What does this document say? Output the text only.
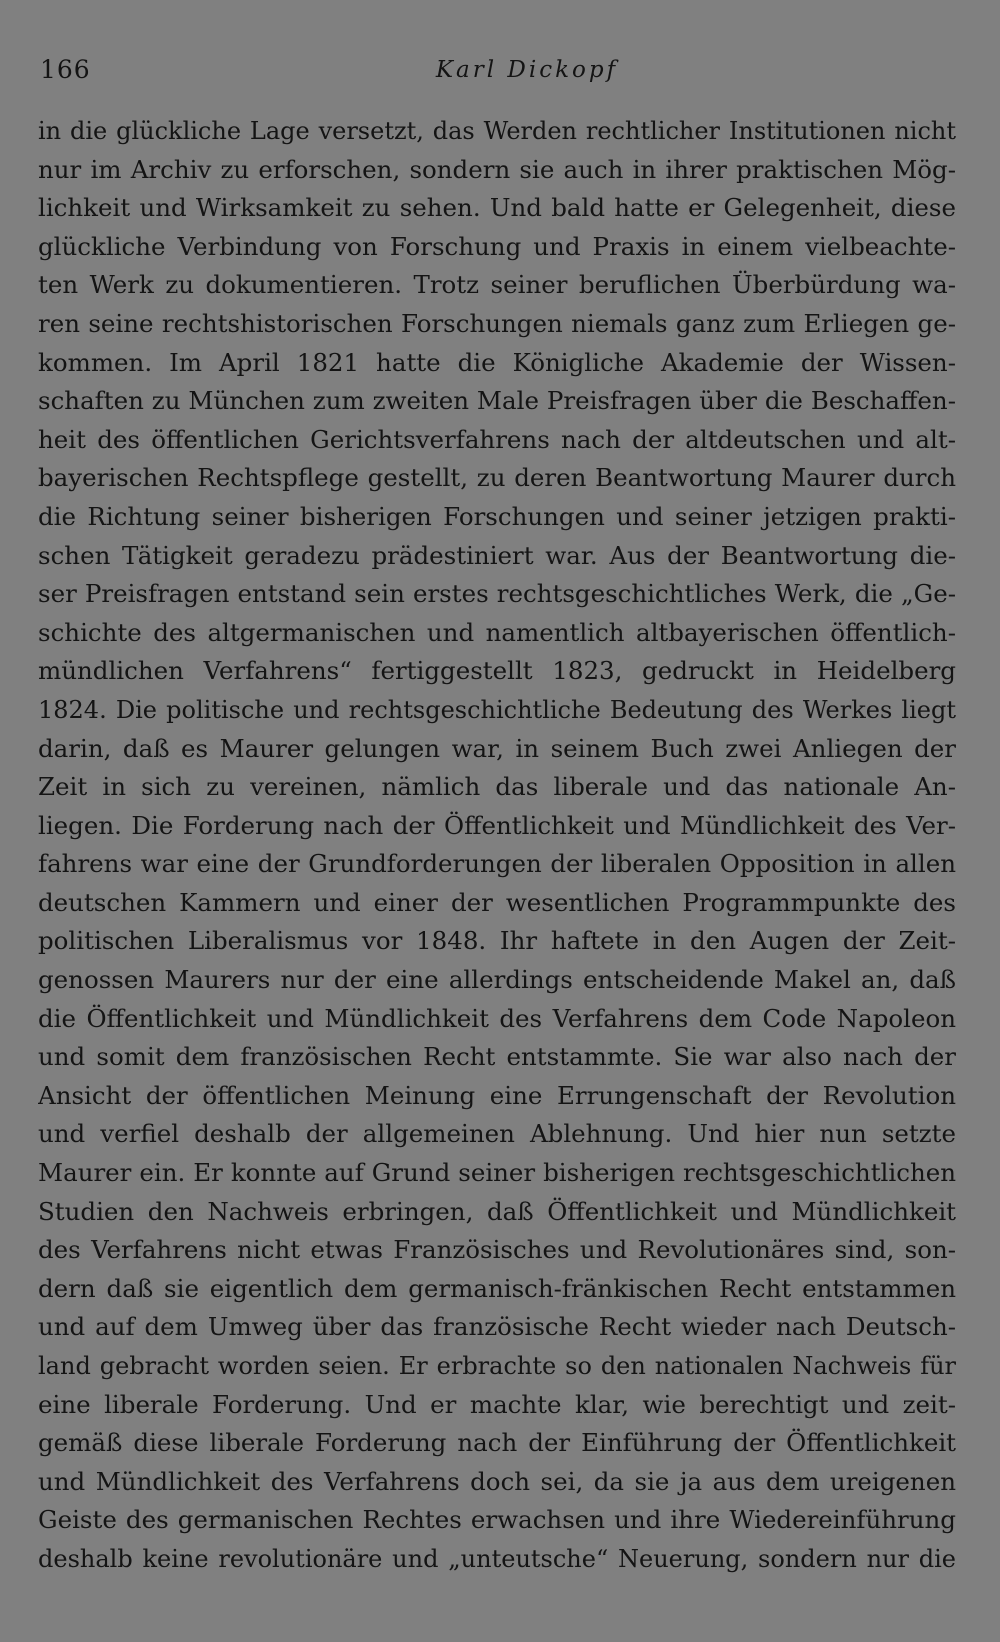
166	Karl Dickopf
in die glückliche Lage versetzt, das Werden rechtlicher Institutionen nicht
nur im Archiv zu erforschen, sondern sie auch in ihrer praktischen Mög-
lichkeit und Wirksamkeit zu sehen. Und bald hatte er Gelegenheit, diese
glückliche Verbindung von Forschung und Praxis in einem vielbeachte-
ten Werk zu dokumentieren. Trotz seiner beruflichen Überbürdung wa-
ren seine rechtshistorischen Forschungen niemals ganz zum Erliegen ge-
kommen. Im April 1821 hatte die Königliche Akademie der Wissen-
schaften zu München zum zweiten Male Preisfragen über die Beschaffen-
heit des öffentlichen Gerichtsverfahrens nach der altdeutschen und alt-
bayerischen Rechtspflege gestellt, zu deren Beantwortung Maurer durch
die Richtung seiner bisherigen Forschungen und seiner jetzigen prakti-
schen Tätigkeit geradezu prädestiniert war. Aus der Beantwortung die-
ser Preisfragen entstand sein erstes rechtsgeschichtliches Werk, die „Ge-
schichte des altgermanischen und namentlich altbayerischen öffentlich-
mündlichen Verfahrens“ fertiggestellt 1823, gedruckt in Heidelberg
1824. Die politische und rechtsgeschichtliche Bedeutung des Werkes liegt
darin, daß es Maurer gelungen war, in seinem Buch zwei Anliegen der
Zeit in sich zu vereinen, nämlich das liberale und das nationale An-
liegen. Die Forderung nach der Öffentlichkeit und Mündlichkeit des Ver-
fahrens war eine der Grundforderungen der liberalen Opposition in allen
deutschen Kammern und einer der wesentlichen Programmpunkte des
politischen Liberalismus vor 1848. Ihr haftete in den Augen der Zeit-
genossen Maurers nur der eine allerdings entscheidende Makel an, daß
die Öffentlichkeit und Mündlichkeit des Verfahrens dem Code Napoleon
und somit dem französischen Recht entstammte. Sie war also nach der
Ansicht der öffentlichen Meinung eine Errungenschaft der Revolution
und verfiel deshalb der allgemeinen Ablehnung. Und hier nun setzte
Maurer ein. Er konnte auf Grund seiner bisherigen rechtsgeschichtlichen
Studien den Nachweis erbringen, daß Öffentlichkeit und Mündlichkeit
des Verfahrens nicht etwas Französisches und Revolutionäres sind, son-
dern daß sie eigentlich dem germanisch-fränkischen Recht entstammen
und auf dem Umweg über das französische Recht wieder nach Deutsch-
land gebracht worden seien. Er erbrachte so den nationalen Nachweis für
eine liberale Forderung. Und er machte klar, wie berechtigt und zeit-
gemäß diese liberale Forderung nach der Einführung der Öffentlichkeit
und Mündlichkeit des Verfahrens doch sei, da sie ja aus dem ureigenen
Geiste des germanischen Rechtes erwachsen und ihre Wiedereinführung
deshalb keine revolutionäre und „unteutsche“ Neuerung, sondern nur die
